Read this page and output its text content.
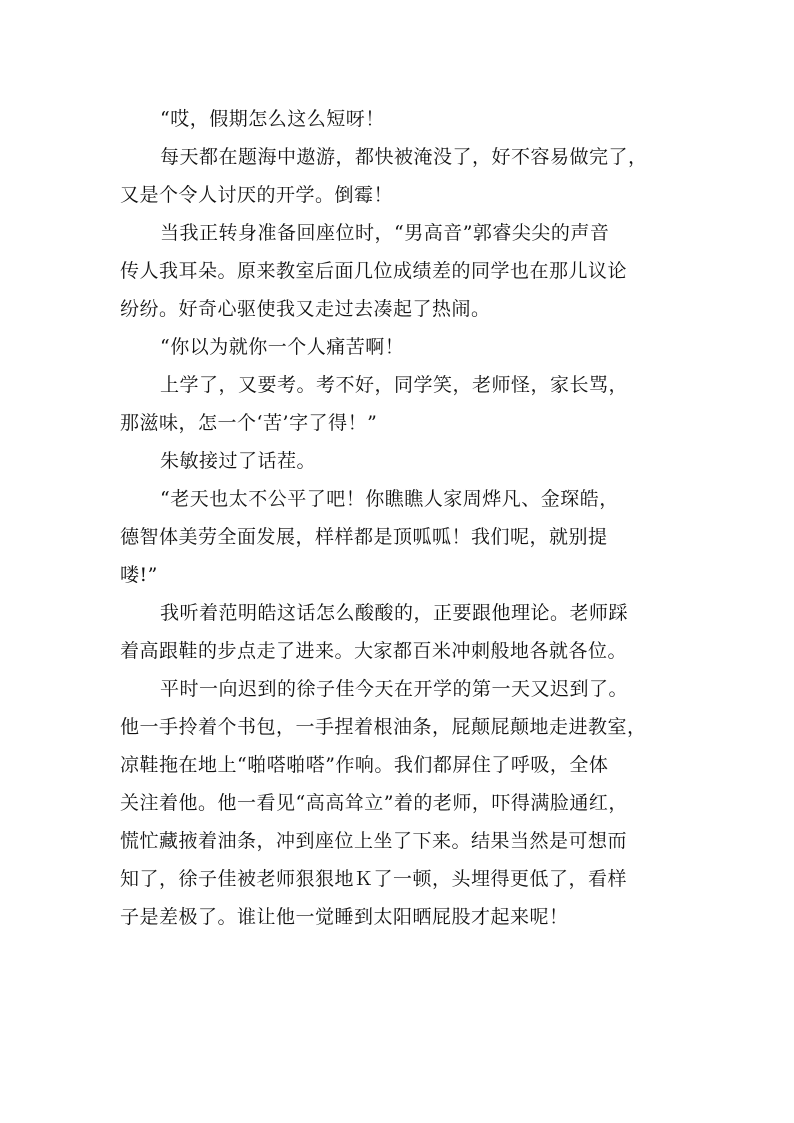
“哎，假期怎么这么短呀！
每天都在题海中遨游，都快被淹没了，好不容易做完了，
又是个令人讨厌的开学。倒霉！
当我正转身准备回座位时，“男高音”郭睿尖尖的声音
传人我耳朵。原来教室后面几位成绩差的同学也在那儿议论
纷纷。好奇心驱使我又走过去凑起了热闹。
“你以为就你一个人痛苦啊！
上学了，又要考。考不好，同学笑，老师怪，家长骂，
那滋味，怎一个‘苦’字了得！”
朱敏接过了话茬。
“老天也太不公平了吧！你瞧瞧人家周烨凡、金琛皓，
德智体美劳全面发展，样样都是顶呱呱！我们呢，就别提
喽!”
我听着范明皓这话怎么酸酸的，正要跟他理论。老师踩
着高跟鞋的步点走了进来。大家都百米冲刺般地各就各位。
平时一向迟到的徐子佳今天在开学的第一天又迟到了。
他一手拎着个书包，一手捏着根油条，屁颠屁颠地走进教室，
凉鞋拖在地上“啪嗒啪嗒”作响。我们都屏住了呼吸，全体
关注着他。他一看见“高高耸立”着的老师，吓得满脸通红，
慌忙藏掖着油条，冲到座位上坐了下来。结果当然是可想而
知了，徐子佳被老师狠狠地Ｋ了一顿，头埋得更低了，看样
子是差极了。谁让他一觉睡到太阳晒屁股才起来呢！
